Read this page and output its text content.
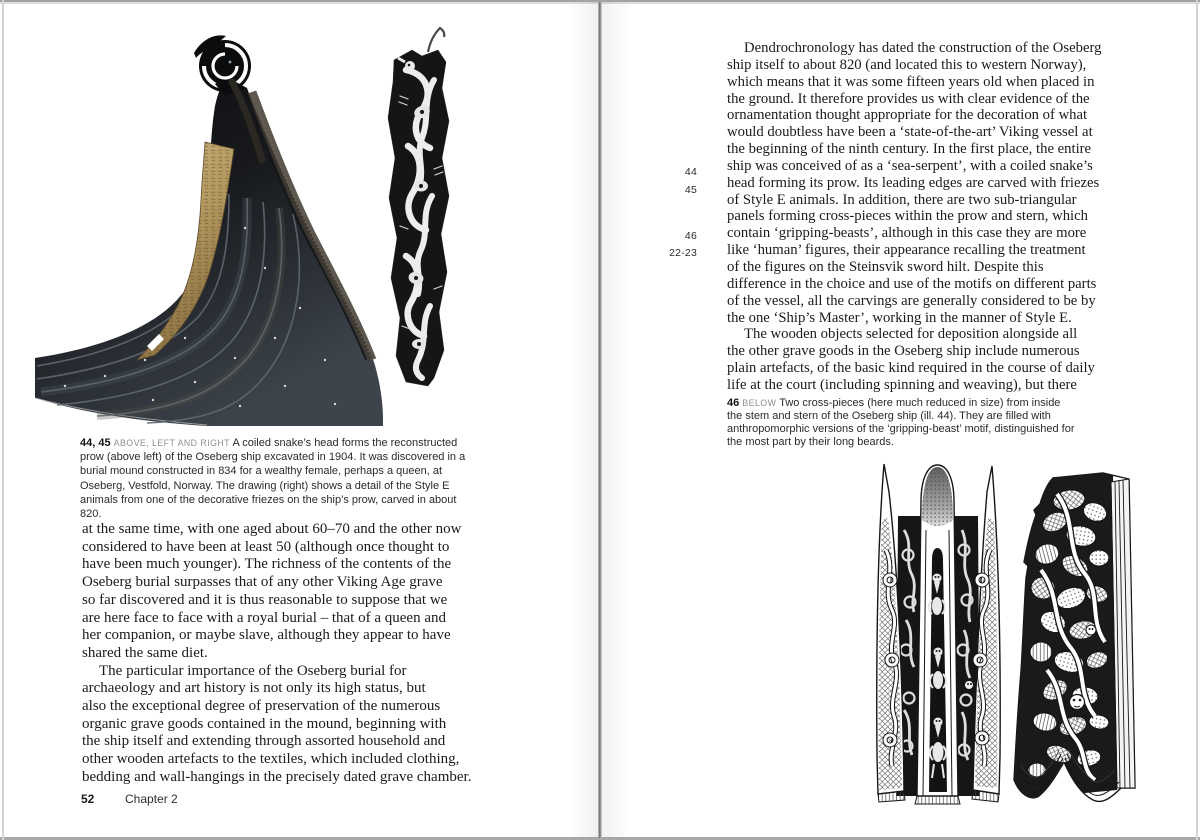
44, 45 ABOVE, LEFT AND RIGHT A coiled snake’s head forms the reconstructed prow (above left) of the Oseberg ship excavated in 1904. It was discovered in a burial mound constructed in 834 for a wealthy female, perhaps a queen, at Oseberg, Vestfold, Norway. The drawing (right) shows a detail of the Style E animals from one of the decorative friezes on the ship’s prow, carved in about 820.
at the same time, with one aged about 60–70 and the other now
considered to have been at least 50 (although once thought to
have been much younger). The richness of the contents of the
Oseberg burial surpasses that of any other Viking Age grave
so far discovered and it is thus reasonable to suppose that we
are here face to face with a royal burial – that of a queen and
her companion, or maybe slave, although they appear to have
shared the same diet.
The particular importance of the Oseberg burial for
archaeology and art history is not only its high status, but
also the exceptional degree of preservation of the numerous
organic grave goods contained in the mound, beginning with
the ship itself and extending through assorted household and
other wooden artefacts to the textiles, which included clothing,
bedding and wall-hangings in the precisely dated grave chamber.
52	Chapter 2
44
45
46
22-23
Dendrochronology has dated the construction of the Oseberg
ship itself to about 820 (and located this to western Norway),
which means that it was some fifteen years old when placed in
the ground. It therefore provides us with clear evidence of the
ornamentation thought appropriate for the decoration of what
would doubtless have been a ‘state-of-the-art’ Viking vessel at
the beginning of the ninth century. In the first place, the entire
ship was conceived of as a ‘sea-serpent’, with a coiled snake’s
head forming its prow. Its leading edges are carved with friezes
of Style E animals. In addition, there are two sub-triangular
panels forming cross-pieces within the prow and stern, which
contain ‘gripping-beasts’, although in this case they are more
like ‘human’ figures, their appearance recalling the treatment
of the figures on the Steinsvik sword hilt. Despite this
difference in the choice and use of the motifs on different parts
of the vessel, all the carvings are generally considered to be by
the one ‘Ship’s Master’, working in the manner of Style E.
The wooden objects selected for deposition alongside all
the other grave goods in the Oseberg ship include numerous
plain artefacts, of the basic kind required in the course of daily
life at the court (including spinning and weaving), but there
46 BELOW Two cross-pieces (here much reduced in size) from inside the stem and stern of the Oseberg ship (ill. 44). They are filled with anthropomorphic versions of the ‘gripping-beast’ motif, distinguished for the most part by their long beards.
